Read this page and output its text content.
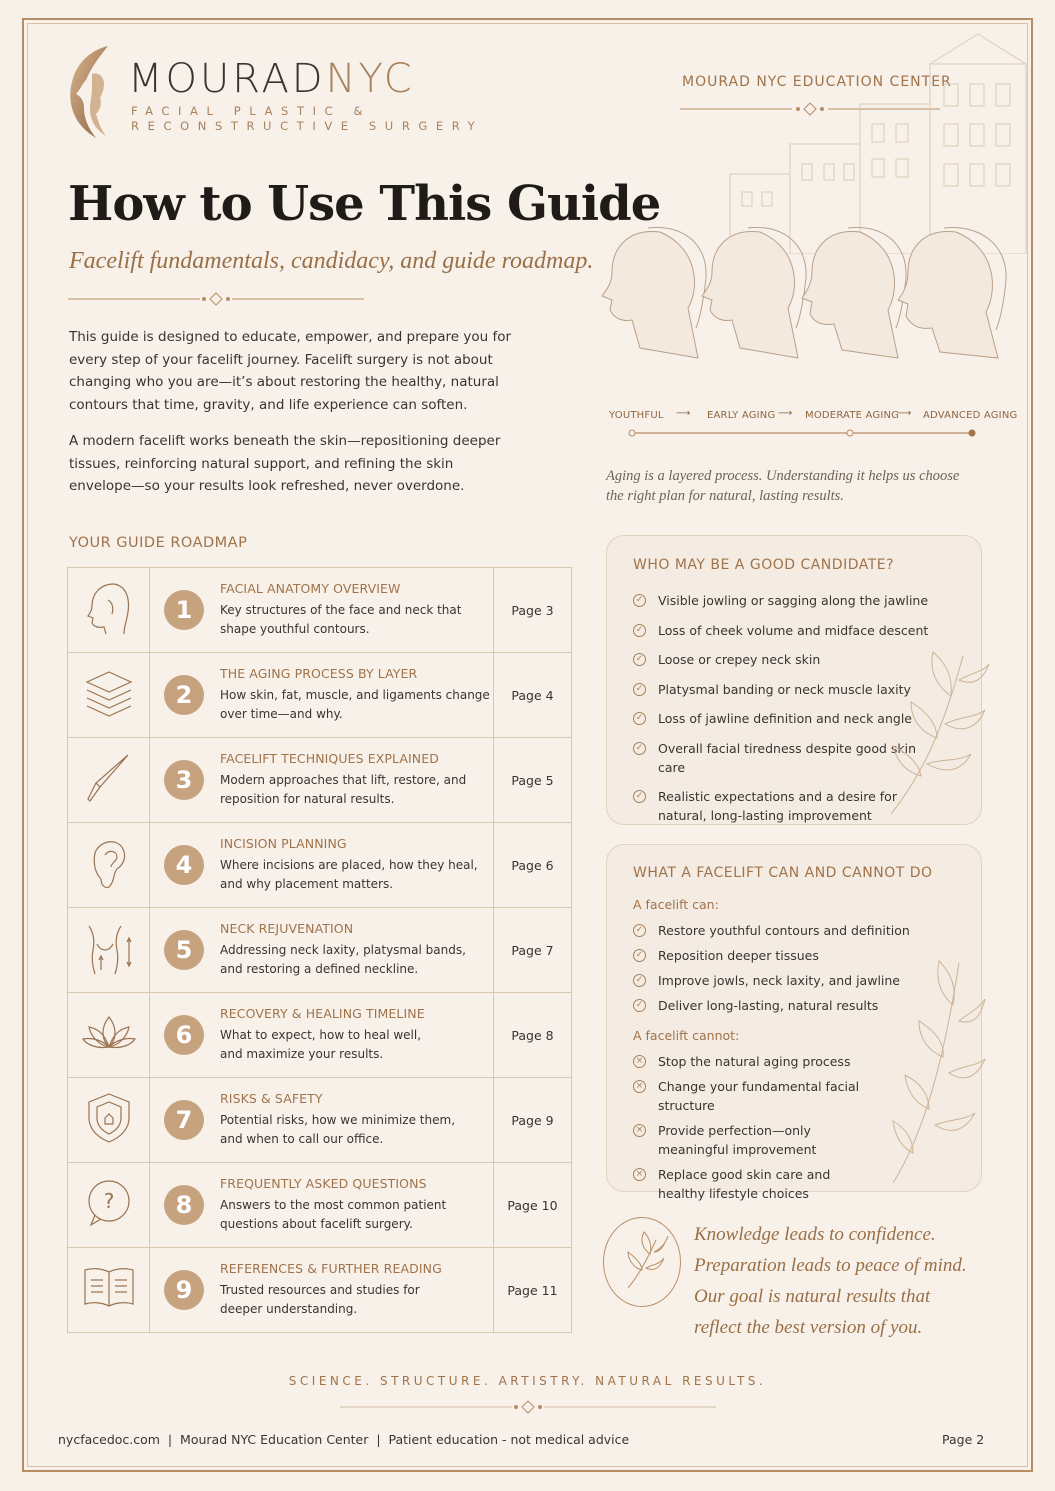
MOURADNYC
FACIAL PLASTIC &
RECONSTRUCTIVE SURGERY
MOURAD NYC EDUCATION CENTER
How to Use This Guide
Facelift fundamentals, candidacy, and guide roadmap.

This guide is designed to educate, empower, and prepare you for every step of your facelift journey. Facelift surgery is not about changing who you are—it’s about restoring the healthy, natural contours that time, gravity, and life experience can soften.

A modern facelift works beneath the skin—repositioning deeper tissues, reinforcing natural support, and refining the skin envelope—so your results look refreshed, never overdone.

YOUTHFUL ⟶ EARLY AGING ⟶ MODERATE AGING
⟶ ADVANCED AGING
Aging is a layered process. Understanding it helps us choose the right plan for natural, lasting results.
YOUR GUIDE ROADMAP

1
FACIAL ANATOMY OVERVIEW
Key structures of the face and neck that
shape youthful contours.	Page 3

2
THE AGING PROCESS BY LAYER
How skin, fat, muscle, and ligaments change
over time—and why.	Page 4

3
FACELIFT TECHNIQUES EXPLAINED
Modern approaches that lift, restore, and
reposition for natural results.	Page 5

4
INCISION PLANNING
Where incisions are placed, how they heal,
and why placement matters.	Page 6

5
NECK REJUVENATION
Addressing neck laxity, platysmal bands,
and restoring a defined neckline.	Page 7

6
RECOVERY & HEALING TIMELINE
What to expect, how to heal well,
and maximize your results.	Page 8

7
RISKS & SAFETY
Potential risks, how we minimize them,
and when to call our office.	Page 9

?	8
FREQUENTLY ASKED QUESTIONS
Answers to the most common patient
questions about facelift surgery.	Page 10

9
REFERENCES & FURTHER READING
Trusted resources and studies for
deeper understanding.	Page 11
WHO MAY BE A GOOD CANDIDATE?
✓ Visible jowling or sagging along the jawline
✓ Loss of cheek volume and midface descent
✓ Loose or crepey neck skin
✓ Platysmal banding or neck muscle laxity
✓ Loss of jawline definition and neck angle
✓ Overall facial tiredness despite good skin care
✓ Realistic expectations and a desire for natural, long-lasting improvement
WHAT A FACELIFT CAN AND CANNOT DO
A facelift can:
✓ Restore youthful contours and definition
✓ Reposition deeper tissues
✓ Improve jowls, neck laxity, and jawline
✓ Deliver long-lasting, natural results
A facelift cannot:
× Stop the natural aging process
× Change your fundamental facial structure
× Provide perfection—only meaningful improvement
× Replace good skin care and healthy lifestyle choices
Knowledge leads to confidence.
Preparation leads to peace of mind.
Our goal is natural results that
reflect the best version of you.
SCIENCE. STRUCTURE. ARTISTRY. NATURAL RESULTS.
nycfacedoc.com  |  Mourad NYC Education Center  |  Patient education - not medical advice	Page 2
